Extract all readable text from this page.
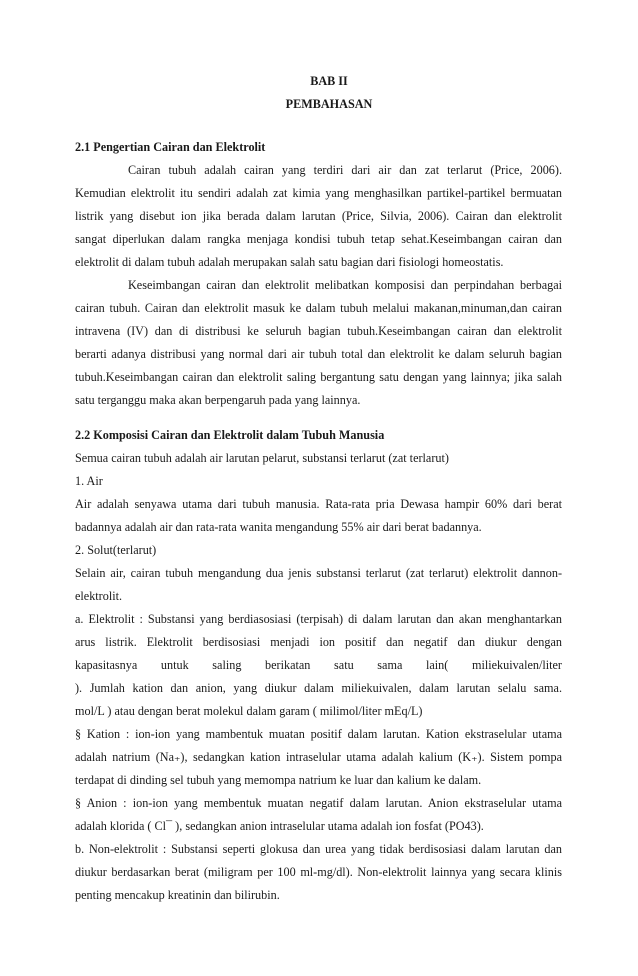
BAB II
PEMBAHASAN
2.1 Pengertian Cairan dan Elektrolit
Cairan tubuh adalah cairan yang terdiri dari air dan zat terlarut (Price, 2006).
Kemudian elektrolit itu sendiri adalah zat kimia yang menghasilkan partikel-partikel bermuatan
listrik yang disebut ion jika berada dalam larutan (Price, Silvia, 2006). Cairan dan elektrolit
sangat diperlukan dalam rangka menjaga kondisi tubuh tetap sehat.Keseimbangan cairan dan
elektrolit di dalam tubuh adalah merupakan salah satu bagian dari fisiologi homeostatis.
Keseimbangan cairan dan elektrolit melibatkan komposisi dan perpindahan berbagai
cairan tubuh. Cairan dan elektrolit masuk ke dalam tubuh melalui makanan,minuman,dan cairan
intravena (IV) dan di distribusi ke seluruh bagian tubuh.Keseimbangan cairan dan elektrolit
berarti adanya distribusi yang normal dari air tubuh total dan elektrolit ke dalam seluruh bagian
tubuh.Keseimbangan cairan dan elektrolit saling bergantung satu dengan yang lainnya; jika salah
satu terganggu maka akan berpengaruh pada yang lainnya.
2.2 Komposisi Cairan dan Elektrolit dalam Tubuh Manusia
Semua cairan tubuh adalah air larutan pelarut, substansi terlarut (zat terlarut)
1. Air
Air adalah senyawa utama dari tubuh manusia. Rata-rata pria Dewasa hampir 60% dari berat
badannya adalah air dan rata-rata wanita mengandung 55% air dari berat badannya.
2. Solut(terlarut)
Selain air, cairan tubuh mengandung dua jenis substansi terlarut (zat terlarut) elektrolit dannon-
elektrolit.
a. Elektrolit : Substansi yang berdiasosiasi (terpisah) di dalam larutan dan akan menghantarkan
arus listrik. Elektrolit berdisosiasi menjadi ion positif dan negatif dan diukur dengan
kapasitasnya untuk saling berikatan satu sama lain( miliekuivalen/liter
). Jumlah kation dan anion, yang diukur dalam miliekuivalen, dalam larutan selalu sama.
mol/L ) atau dengan berat molekul dalam garam ( milimol/liter mEq/L)
§ Kation : ion-ion yang mambentuk muatan positif dalam larutan. Kation ekstraselular utama
adalah natrium (Na₊), sedangkan kation intraselular utama adalah kalium (K₊). Sistem pompa
terdapat di dinding sel tubuh yang memompa natrium ke luar dan kalium ke dalam.
§ Anion : ion-ion yang membentuk muatan negatif dalam larutan. Anion ekstraselular utama
adalah klorida ( Cl¯ ), sedangkan anion intraselular utama adalah ion fosfat (PO43).
b. Non-elektrolit : Substansi seperti glokusa dan urea yang tidak berdisosiasi dalam larutan dan
diukur berdasarkan berat (miligram per 100 ml-mg/dl). Non-elektrolit lainnya yang secara klinis
penting mencakup kreatinin dan bilirubin.
